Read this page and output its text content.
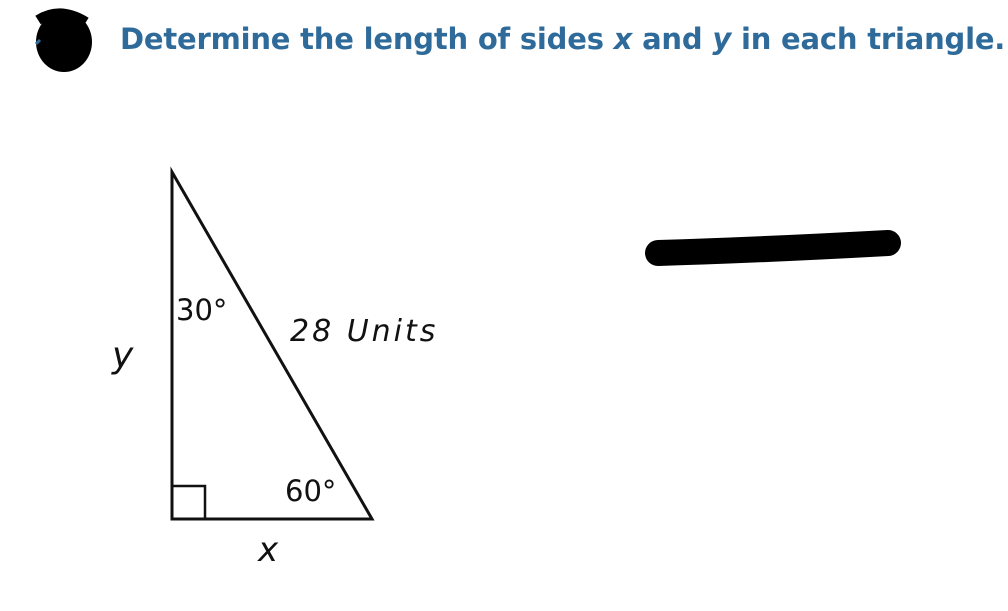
Determine the length of sides x and y in each triangle.
30°
60°
28 Units
y
x
